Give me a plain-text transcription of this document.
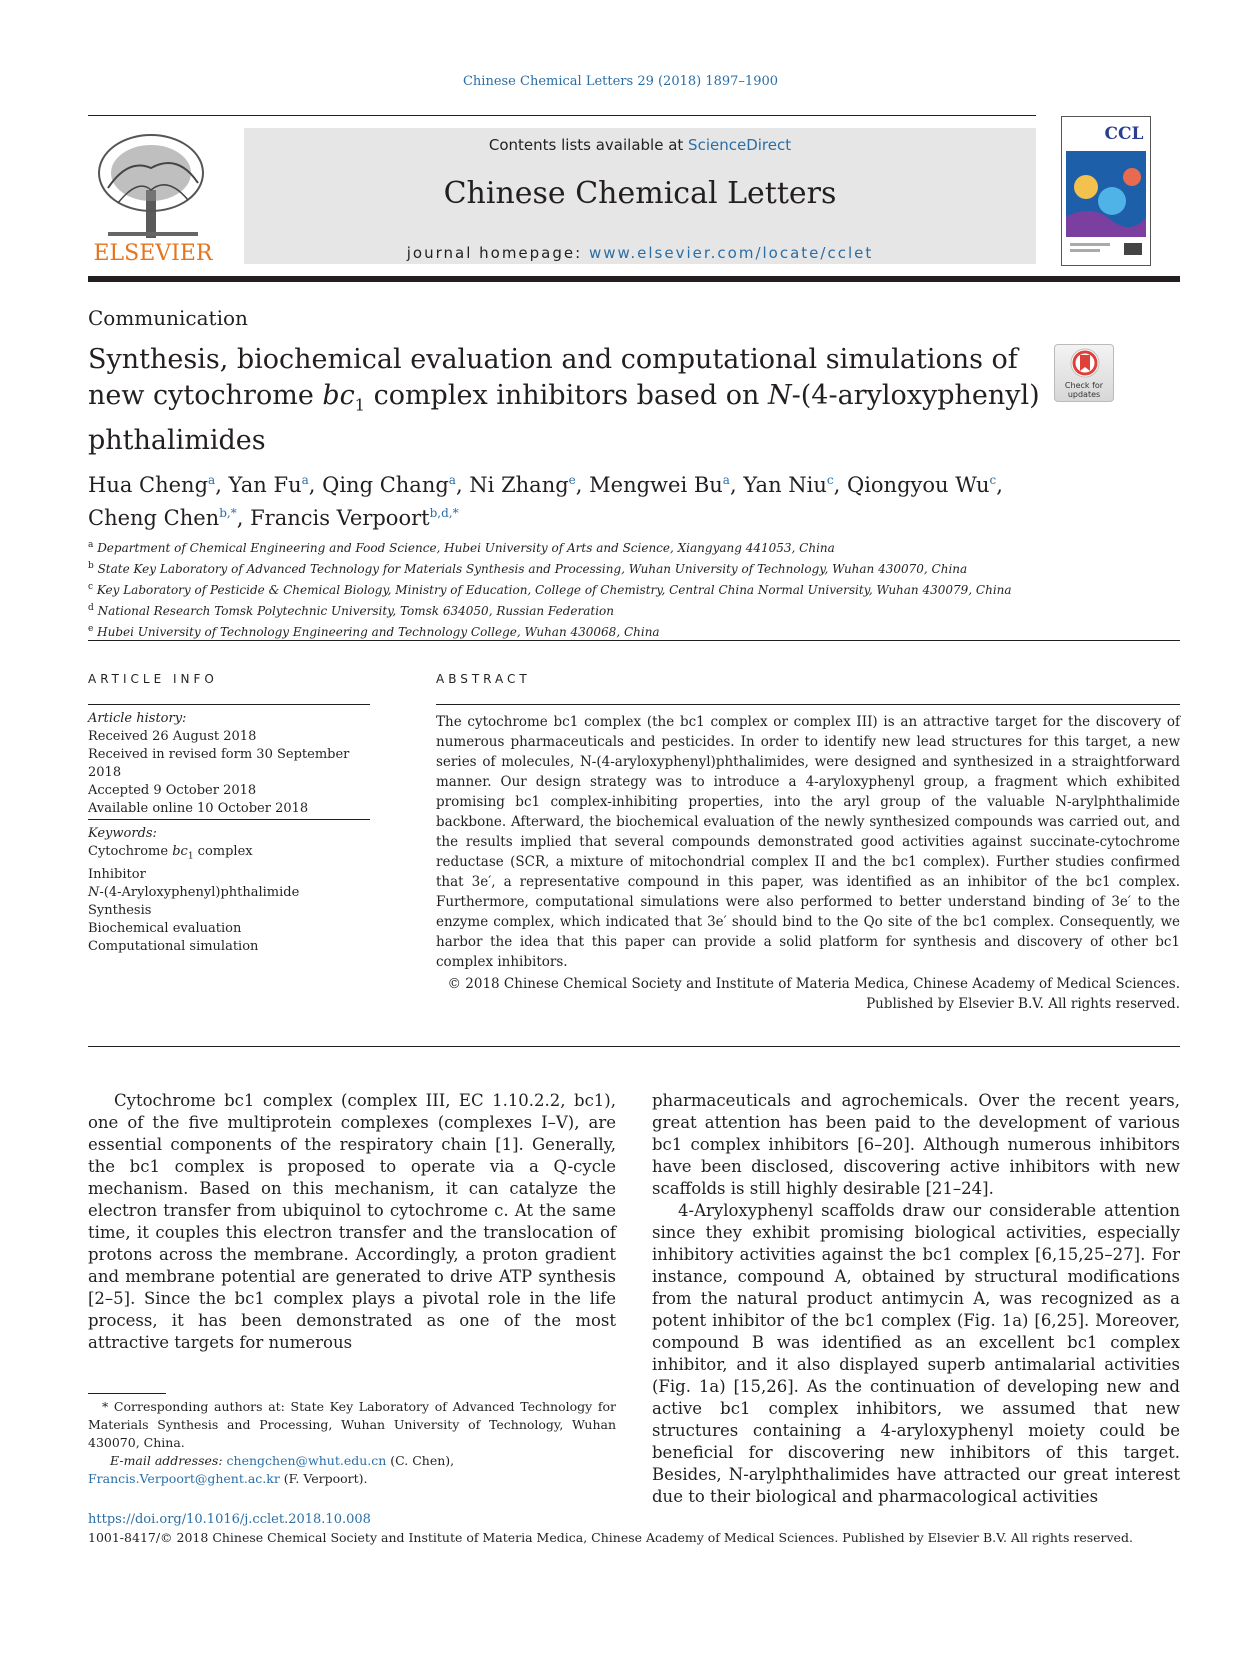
Chinese Chemical Letters 29 (2018) 1897–1900
ELSEVIER
Contents lists available at ScienceDirect
Chinese Chemical Letters
journal homepage: www.elsevier.com/locate/cclet
CCL
Communication
Synthesis, biochemical evaluation and computational simulations of
new cytochrome $bc_1$ complex inhibitors based on N-(4-aryloxyphenyl)
phthalimides
Check for updates
Hua Cheng$^a$, Yan Fu$^a$, Qing Chang$^a$, Ni Zhang$^e$, Mengwei Bu$^a$, Yan Niu$^c$, Qiongyou Wu$^c$,
Cheng Chen$^{b,*}$, Francis Verpoort$^{b,d,*}$
$^a$ Department of Chemical Engineering and Food Science, Hubei University of Arts and Science, Xiangyang 441053, China
$^b$ State Key Laboratory of Advanced Technology for Materials Synthesis and Processing, Wuhan University of Technology, Wuhan 430070, China
$^c$ Key Laboratory of Pesticide & Chemical Biology, Ministry of Education, College of Chemistry, Central China Normal University, Wuhan 430079, China
$^d$ National Research Tomsk Polytechnic University, Tomsk 634050, Russian Federation
$^e$ Hubei University of Technology Engineering and Technology College, Wuhan 430068, China
ARTICLE INFO	ABSTRACT
Article history:
Received 26 August 2018
Received in revised form 30 September 2018
Accepted 9 October 2018
Available online 10 October 2018
Keywords:
Cytochrome $bc_1$ complex
Inhibitor
N-(4-Aryloxyphenyl)phthalimide
Synthesis
Biochemical evaluation
Computational simulation
The cytochrome bc1 complex (the bc1 complex or complex III) is an attractive target for the discovery of numerous pharmaceuticals and pesticides. In order to identify new lead structures for this target, a new series of molecules, N-(4-aryloxyphenyl)phthalimides, were designed and synthesized in a straightforward manner. Our design strategy was to introduce a 4-aryloxyphenyl group, a fragment which exhibited promising bc1 complex-inhibiting properties, into the aryl group of the valuable N-arylphthalimide backbone. Afterward, the biochemical evaluation of the newly synthesized compounds was carried out, and the results implied that several compounds demonstrated good activities against succinate-cytochrome reductase (SCR, a mixture of mitochondrial complex II and the bc1 complex). Further studies confirmed that 3e′, a representative compound in this paper, was identified as an inhibitor of the bc1 complex. Furthermore, computational simulations were also performed to better understand binding of 3e′ to the enzyme complex, which indicated that 3e′ should bind to the Qo site of the bc1 complex. Consequently, we harbor the idea that this paper can provide a solid platform for synthesis and discovery of other bc1 complex inhibitors.
© 2018 Chinese Chemical Society and Institute of Materia Medica, Chinese Academy of Medical Sciences.
Published by Elsevier B.V. All rights reserved.

Cytochrome bc1 complex (complex III, EC 1.10.2.2, bc1), one of the five multiprotein complexes (complexes I–V), are essential components of the respiratory chain [1]. Generally, the bc1 complex is proposed to operate via a Q-cycle mechanism. Based on this mechanism, it can catalyze the electron transfer from ubiquinol to cytochrome c. At the same time, it couples this electron transfer and the translocation of protons across the membrane. Accordingly, a proton gradient and membrane potential are generated to drive ATP synthesis [2–5]. Since the bc1 complex plays a pivotal role in the life process, it has been demonstrated as one of the most attractive targets for numerous

pharmaceuticals and agrochemicals. Over the recent years, great attention has been paid to the development of various bc1 complex inhibitors [6–20]. Although numerous inhibitors have been disclosed, discovering active inhibitors with new scaffolds is still highly desirable [21–24].

4-Aryloxyphenyl scaffolds draw our considerable attention since they exhibit promising biological activities, especially inhibitory activities against the bc1 complex [6,15,25–27]. For instance, compound A, obtained by structural modifications from the natural product antimycin A, was recognized as a potent inhibitor of the bc1 complex (Fig. 1a) [6,25]. Moreover, compound B was identified as an excellent bc1 complex inhibitor, and it also displayed superb antimalarial activities (Fig. 1a) [15,26]. As the continuation of developing new and active bc1 complex inhibitors, we assumed that new structures containing a 4-aryloxyphenyl moiety could be beneficial for discovering new inhibitors of this target. Besides, N-arylphthalimides have attracted our great interest due to their biological and pharmacological activities

* Corresponding authors at: State Key Laboratory of Advanced Technology for Materials Synthesis and Processing, Wuhan University of Technology, Wuhan 430070, China.

E-mail addresses: chengchen@whut.edu.cn (C. Chen),

Francis.Verpoort@ghent.ac.kr (F. Verpoort).

https://doi.org/10.1016/j.cclet.2018.10.008
1001-8417/© 2018 Chinese Chemical Society and Institute of Materia Medica, Chinese Academy of Medical Sciences. Published by Elsevier B.V. All rights reserved.
